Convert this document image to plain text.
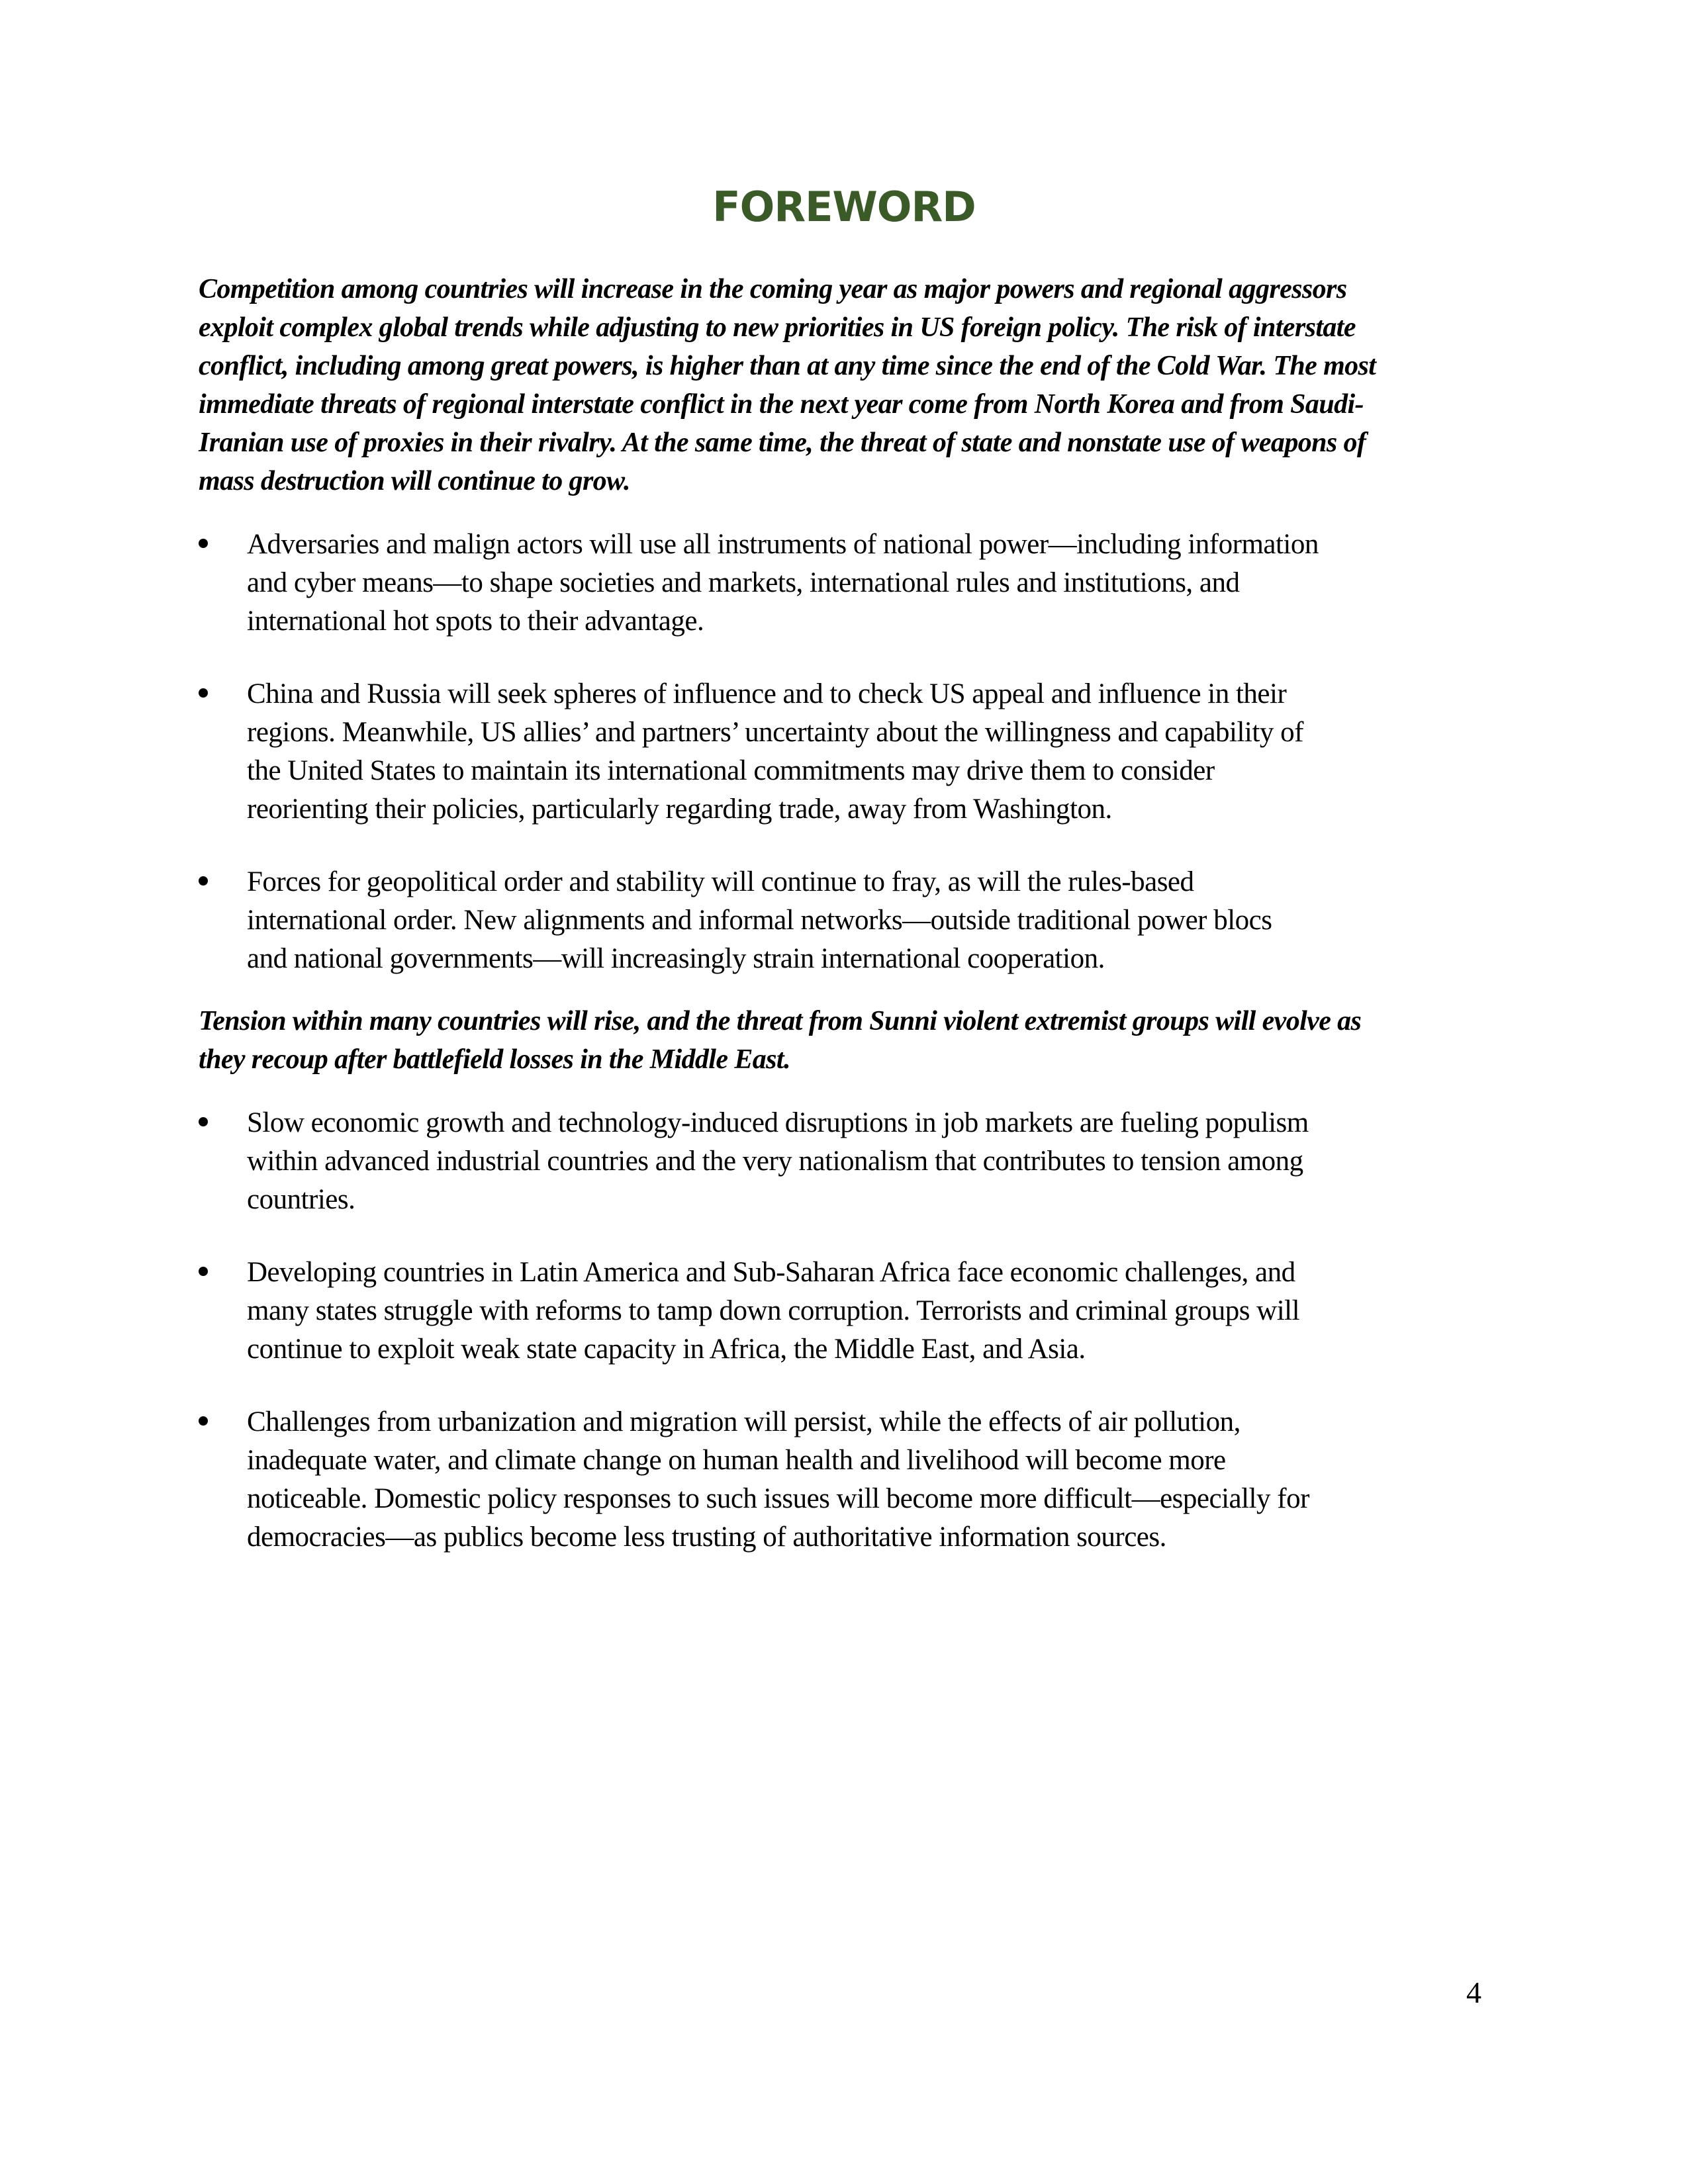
FOREWORD
Competition among countries will increase in the coming year as major powers and regional aggressors
exploit complex global trends while adjusting to new priorities in US foreign policy. The risk of interstate
conflict, including among great powers, is higher than at any time since the end of the Cold War. The most
immediate threats of regional interstate conflict in the next year come from North Korea and from Saudi-
Iranian use of proxies in their rivalry. At the same time, the threat of state and nonstate use of weapons of
mass destruction will continue to grow.
Adversaries and malign actors will use all instruments of national power—including information
and cyber means—to shape societies and markets, international rules and institutions, and
international hot spots to their advantage.
China and Russia will seek spheres of influence and to check US appeal and influence in their
regions. Meanwhile, US allies’ and partners’ uncertainty about the willingness and capability of
the United States to maintain its international commitments may drive them to consider
reorienting their policies, particularly regarding trade, away from Washington.
Forces for geopolitical order and stability will continue to fray, as will the rules-based
international order. New alignments and informal networks—outside traditional power blocs
and national governments—will increasingly strain international cooperation.
Tension within many countries will rise, and the threat from Sunni violent extremist groups will evolve as
they recoup after battlefield losses in the Middle East.
Slow economic growth and technology-induced disruptions in job markets are fueling populism
within advanced industrial countries and the very nationalism that contributes to tension among
countries.
Developing countries in Latin America and Sub-Saharan Africa face economic challenges, and
many states struggle with reforms to tamp down corruption. Terrorists and criminal groups will
continue to exploit weak state capacity in Africa, the Middle East, and Asia.
Challenges from urbanization and migration will persist, while the effects of air pollution,
inadequate water, and climate change on human health and livelihood will become more
noticeable. Domestic policy responses to such issues will become more difficult—especially for
democracies—as publics become less trusting of authoritative information sources.
4
